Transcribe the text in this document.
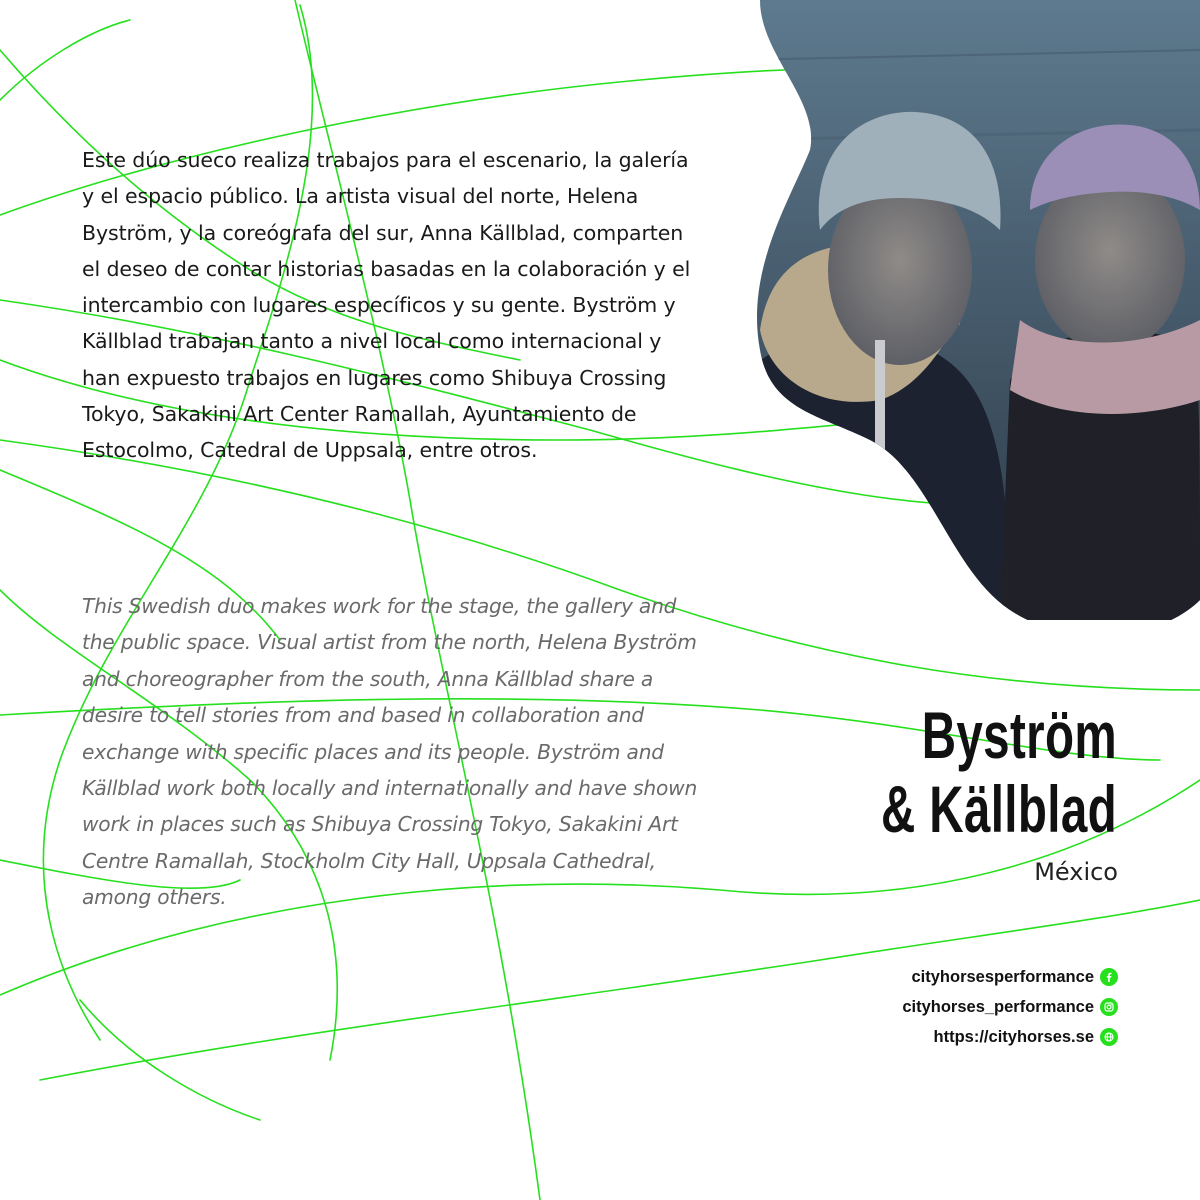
Este dúo sueco realiza trabajos para el escenario, la galería y el espacio público. La artista visual del norte, Helena Byström, y la coreógrafa del sur, Anna Källblad, comparten el deseo de contar historias basadas en la colaboración y el intercambio con lugares específicos y su gente. Byström y Källblad trabajan tanto a nivel local como internacional y han expuesto trabajos en lugares como Shibuya Crossing Tokyo, Sakakini Art Center Ramallah, Ayuntamiento de Estocolmo, Catedral de Uppsala, entre otros.

This Swedish duo makes work for the stage, the gallery and the public space. Visual artist from the north, Helena Byström and choreographer from the south, Anna Källblad share a desire to tell stories from and based in collaboration and exchange with specific places and its people. Byström and Källblad work both locally and internationally and have shown work in places such as Shibuya Crossing Tokyo, Sakakini Art Centre Ramallah, Stockholm City Hall, Uppsala Cathedral, among others.

Byström
& Källblad
México
cityhorsesperformance
cityhorses_performance
https://cityhorses.se
